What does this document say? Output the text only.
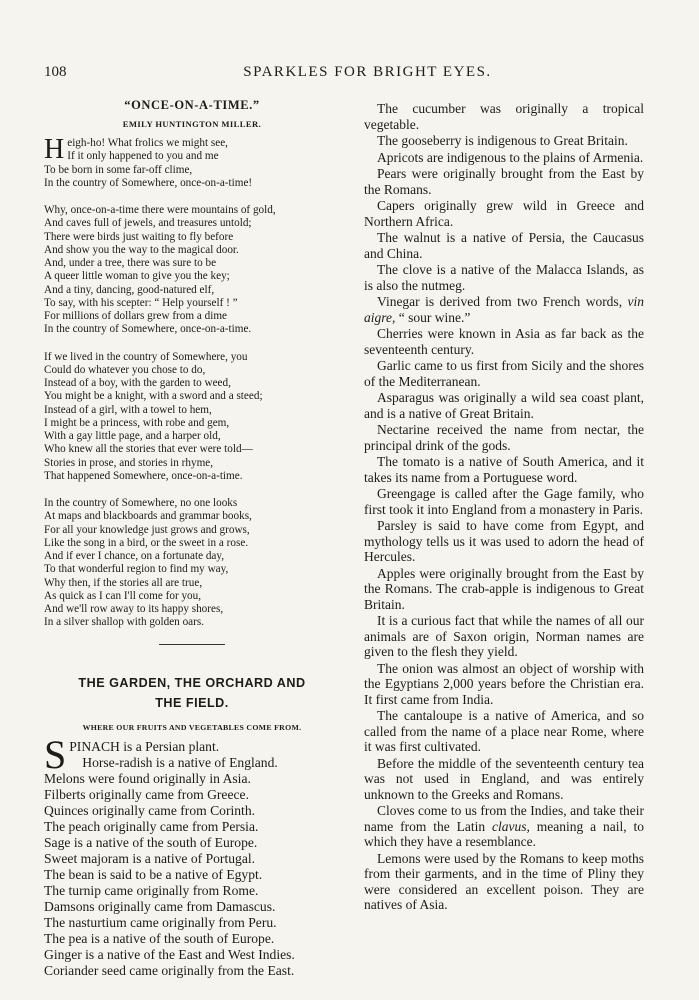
108	SPARKLES FOR BRIGHT EYES.
“ONCE-ON-A-TIME.”
EMILY HUNTINGTON MILLER.
H eigh-ho! What frolics we might see,
If it only happened to you and me
To be born in some far-off clime,
In the country of Somewhere, once-on-a-time!
Why, once-on-a-time there were mountains of gold,
And caves full of jewels, and treasures untold;
There were birds just waiting to fly before
And show you the way to the magical door.
And, under a tree, there was sure to be
A queer little woman to give you the key;
And a tiny, dancing, good-natured elf,
To say, with his scepter: “ Help yourself ! ”
For millions of dollars grew from a dime
In the country of Somewhere, once-on-a-time.
If we lived in the country of Somewhere, you
Could do whatever you chose to do,
Instead of a boy, with the garden to weed,
You might be a knight, with a sword and a steed;
Instead of a girl, with a towel to hem,
I might be a princess, with robe and gem,
With a gay little page, and a harper old,
Who knew all the stories that ever were told—
Stories in prose, and stories in rhyme,
That happened Somewhere, once-on-a-time.
In the country of Somewhere, no one looks
At maps and blackboards and grammar books,
For all your knowledge just grows and grows,
Like the song in a bird, or the sweet in a rose.
And if ever I chance, on a fortunate day,
To that wonderful region to find my way,
Why then, if the stories all are true,
As quick as I can I'll come for you,
And we'll row away to its happy shores,
In a silver shallop with golden oars.
THE GARDEN, THE ORCHARD AND
THE FIELD.
WHERE OUR FRUITS AND VEGETABLES COME FROM.

SPINACH is a Persian plant.

Horse-radish is a native of England.

Melons were found originally in Asia.

Filberts originally came from Greece.

Quinces originally came from Corinth.

The peach originally came from Persia.

Sage is a native of the south of Europe.

Sweet majoram is a native of Portugal.

The bean is said to be a native of Egypt.

The turnip came originally from Rome.

Damsons originally came from Damascus.

The nasturtium came originally from Peru.

The pea is a native of the south of Europe.

Ginger is a native of the East and West Indies.

Coriander seed came originally from the East.

The cucumber was originally a tropical vegetable.

The gooseberry is indigenous to Great Britain.

Apricots are indigenous to the plains of Armenia.

Pears were originally brought from the East by the Romans.

Capers originally grew wild in Greece and Northern Africa.

The walnut is a native of Persia, the Caucasus and China.

The clove is a native of the Malacca Islands, as is also the nutmeg.

Vinegar is derived from two French words, vin aigre, “ sour wine.”

Cherries were known in Asia as far back as the seventeenth century.

Garlic came to us first from Sicily and the shores of the Mediterranean.

Asparagus was originally a wild sea coast plant, and is a native of Great Britain.

Nectarine received the name from nectar, the principal drink of the gods.

The tomato is a native of South America, and it takes its name from a Portuguese word.

Greengage is called after the Gage family, who first took it into England from a monastery in Paris.

Parsley is said to have come from Egypt, and mythology tells us it was used to adorn the head of Hercules.

Apples were originally brought from the East by the Romans. The crab-apple is indigenous to Great Britain.

It is a curious fact that while the names of all our animals are of Saxon origin, Norman names are given to the flesh they yield.

The onion was almost an object of worship with the Egyptians 2,000 years before the Christian era. It first came from India.

The cantaloupe is a native of America, and so called from the name of a place near Rome, where it was first cultivated.

Before the middle of the seventeenth century tea was not used in England, and was entirely unknown to the Greeks and Romans.

Cloves come to us from the Indies, and take their name from the Latin clavus, meaning a nail, to which they have a resemblance.

Lemons were used by the Romans to keep moths from their garments, and in the time of Pliny they were considered an excellent poison. They are natives of Asia.
